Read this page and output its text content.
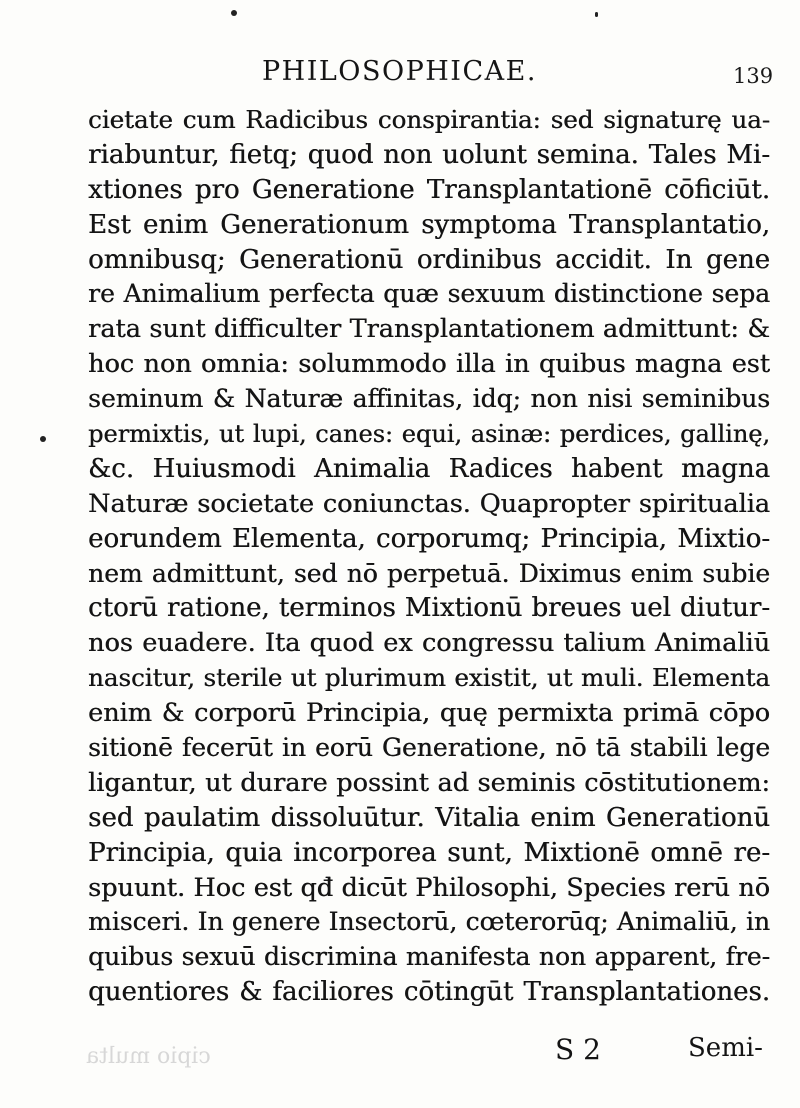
PHILOSOPHICAE.	139
cietate cum Radicibus conspirantia: sed signaturę ua-
riabuntur, fietq; quod non uolunt semina. Tales Mi-
xtiones pro Generatione Transplantationē cōficiūt.
Est enim Generationum symptoma Transplantatio,
omnibusq; Generationū ordinibus accidit. In gene
re Animalium perfecta quæ sexuum distinctione sepa
rata sunt difficulter Transplantationem admittunt: &
hoc non omnia: solummodo illa in quibus magna est
seminum & Naturæ affinitas, idq; non nisi seminibus
permixtis, ut lupi, canes: equi, asinæ: perdices, gallinę,
&c. Huiusmodi Animalia Radices habent magna
Naturæ societate coniunctas. Quapropter spiritualia
eorundem Elementa, corporumq; Principia, Mixtio-
nem admittunt, sed nō perpetuā. Diximus enim subie
ctorū ratione, terminos Mixtionū breues uel diutur-
nos euadere. Ita quod ex congressu talium Animaliū
nascitur, sterile ut plurimum existit, ut muli. Elementa
enim & corporū Principia, quę permixta primā cōpo
sitionē fecerūt in eorū Generatione, nō tā stabili lege
ligantur, ut durare possint ad seminis cōstitutionem:
sed paulatim dissoluūtur. Vitalia enim Generationū
Principia, quia incorporea sunt, Mixtionē omnē re-
spuunt. Hoc est qđ dicūt Philosophi, Species rerū nō
misceri. In genere Insectorū, cœterorūq; Animaliū, in
quibus sexuū discrimina manifesta non apparent, fre-
quentiores & faciliores cōtingūt Transplantationes.
cipio multa	S 2	Semi-
